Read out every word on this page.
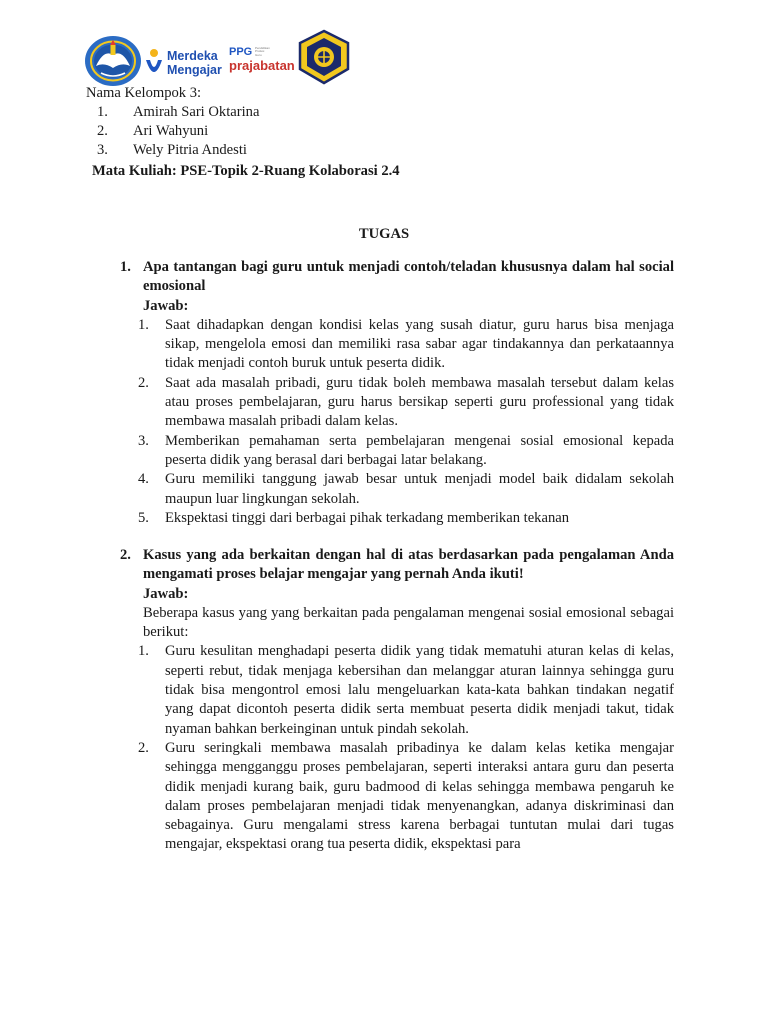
Merdeka
Mengajar
PPG Pendidikan
Profesi
Guru
prajabatan
Nama Kelompok 3:
1. Amirah Sari Oktarina
2. Ari Wahyuni
3. Wely Pitria Andesti
Mata Kuliah: PSE-Topik 2-Ruang Kolaborasi 2.4
TUGAS
1. Apa tantangan bagi guru untuk menjadi contoh/teladan khususnya dalam hal social emosional
Jawab:
1. Saat dihadapkan dengan kondisi kelas yang susah diatur, guru harus bisa menjaga sikap, mengelola emosi dan memiliki rasa sabar agar tindakannya dan perkataannya tidak menjadi contoh buruk untuk peserta didik.
2. Saat ada masalah pribadi, guru tidak boleh membawa masalah tersebut dalam kelas atau proses pembelajaran, guru harus bersikap seperti guru professional yang tidak membawa masalah pribadi dalam kelas.
3. Memberikan pemahaman serta pembelajaran mengenai sosial emosional kepada peserta didik yang berasal dari berbagai latar belakang.
4. Guru memiliki tanggung jawab besar untuk menjadi model baik didalam sekolah maupun luar lingkungan sekolah.
5. Ekspektasi tinggi dari berbagai pihak terkadang memberikan tekanan
2. Kasus yang ada berkaitan dengan hal di atas berdasarkan pada pengalaman Anda mengamati proses belajar mengajar yang pernah Anda ikuti!
Jawab:
Beberapa kasus yang yang berkaitan pada pengalaman mengenai sosial emosional sebagai berikut:
1. Guru kesulitan menghadapi peserta didik yang tidak mematuhi aturan kelas di kelas, seperti rebut, tidak menjaga kebersihan dan melanggar aturan lainnya sehingga guru tidak bisa mengontrol emosi lalu mengeluarkan kata-kata bahkan tindakan negatif yang dapat dicontoh peserta didik serta membuat peserta didik menjadi takut, tidak nyaman bahkan berkeinginan untuk pindah sekolah.
2. Guru seringkali membawa masalah pribadinya ke dalam kelas ketika mengajar sehingga mengganggu proses pembelajaran, seperti interaksi antara guru dan peserta didik menjadi kurang baik, guru badmood di kelas sehingga membawa pengaruh ke dalam proses pembelajaran menjadi tidak menyenangkan, adanya diskriminasi dan sebagainya. Guru mengalami stress karena berbagai tuntutan mulai dari tugas mengajar, ekspektasi orang tua peserta didik, ekspektasi para
